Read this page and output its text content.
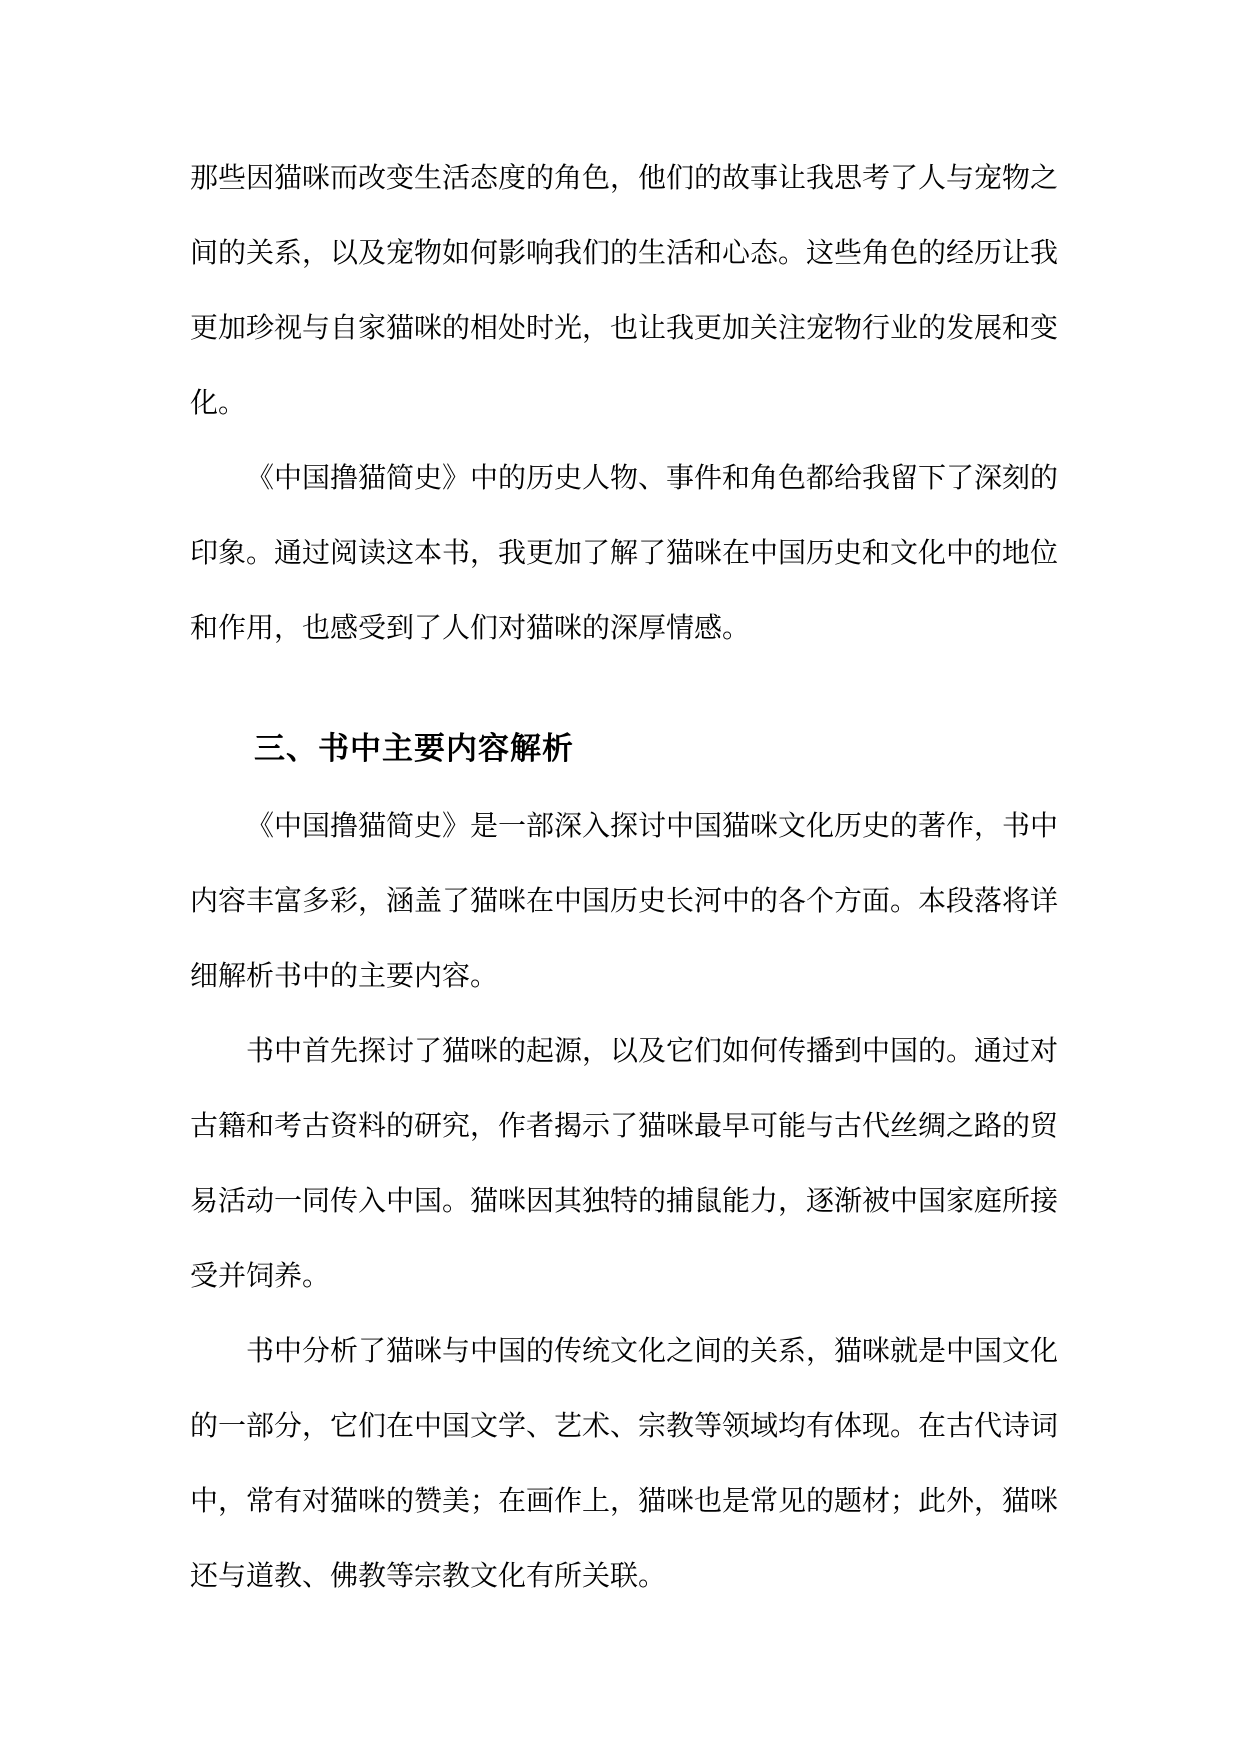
那些因猫咪而改变生活态度的角色，他们的故事让我思考了人与宠物之间的关系，以及宠物如何影响我们的生活和心态。这些角色的经历让我更加珍视与自家猫咪的相处时光，也让我更加关注宠物行业的发展和变化。

《中国撸猫简史》中的历史人物、事件和角色都给我留下了深刻的印象。通过阅读这本书，我更加了解了猫咪在中国历史和文化中的地位和作用，也感受到了人们对猫咪的深厚情感。

三、书中主要内容解析

《中国撸猫简史》是一部深入探讨中国猫咪文化历史的著作，书中内容丰富多彩，涵盖了猫咪在中国历史长河中的各个方面。本段落将详细解析书中的主要内容。

书中首先探讨了猫咪的起源，以及它们如何传播到中国的。通过对古籍和考古资料的研究，作者揭示了猫咪最早可能与古代丝绸之路的贸易活动一同传入中国。猫咪因其独特的捕鼠能力，逐渐被中国家庭所接受并饲养。

书中分析了猫咪与中国的传统文化之间的关系，猫咪就是中国文化的一部分，它们在中国文学、艺术、宗教等领域均有体现。在古代诗词中，常有对猫咪的赞美；在画作上，猫咪也是常见的题材；此外，猫咪还与道教、佛教等宗教文化有所关联。
